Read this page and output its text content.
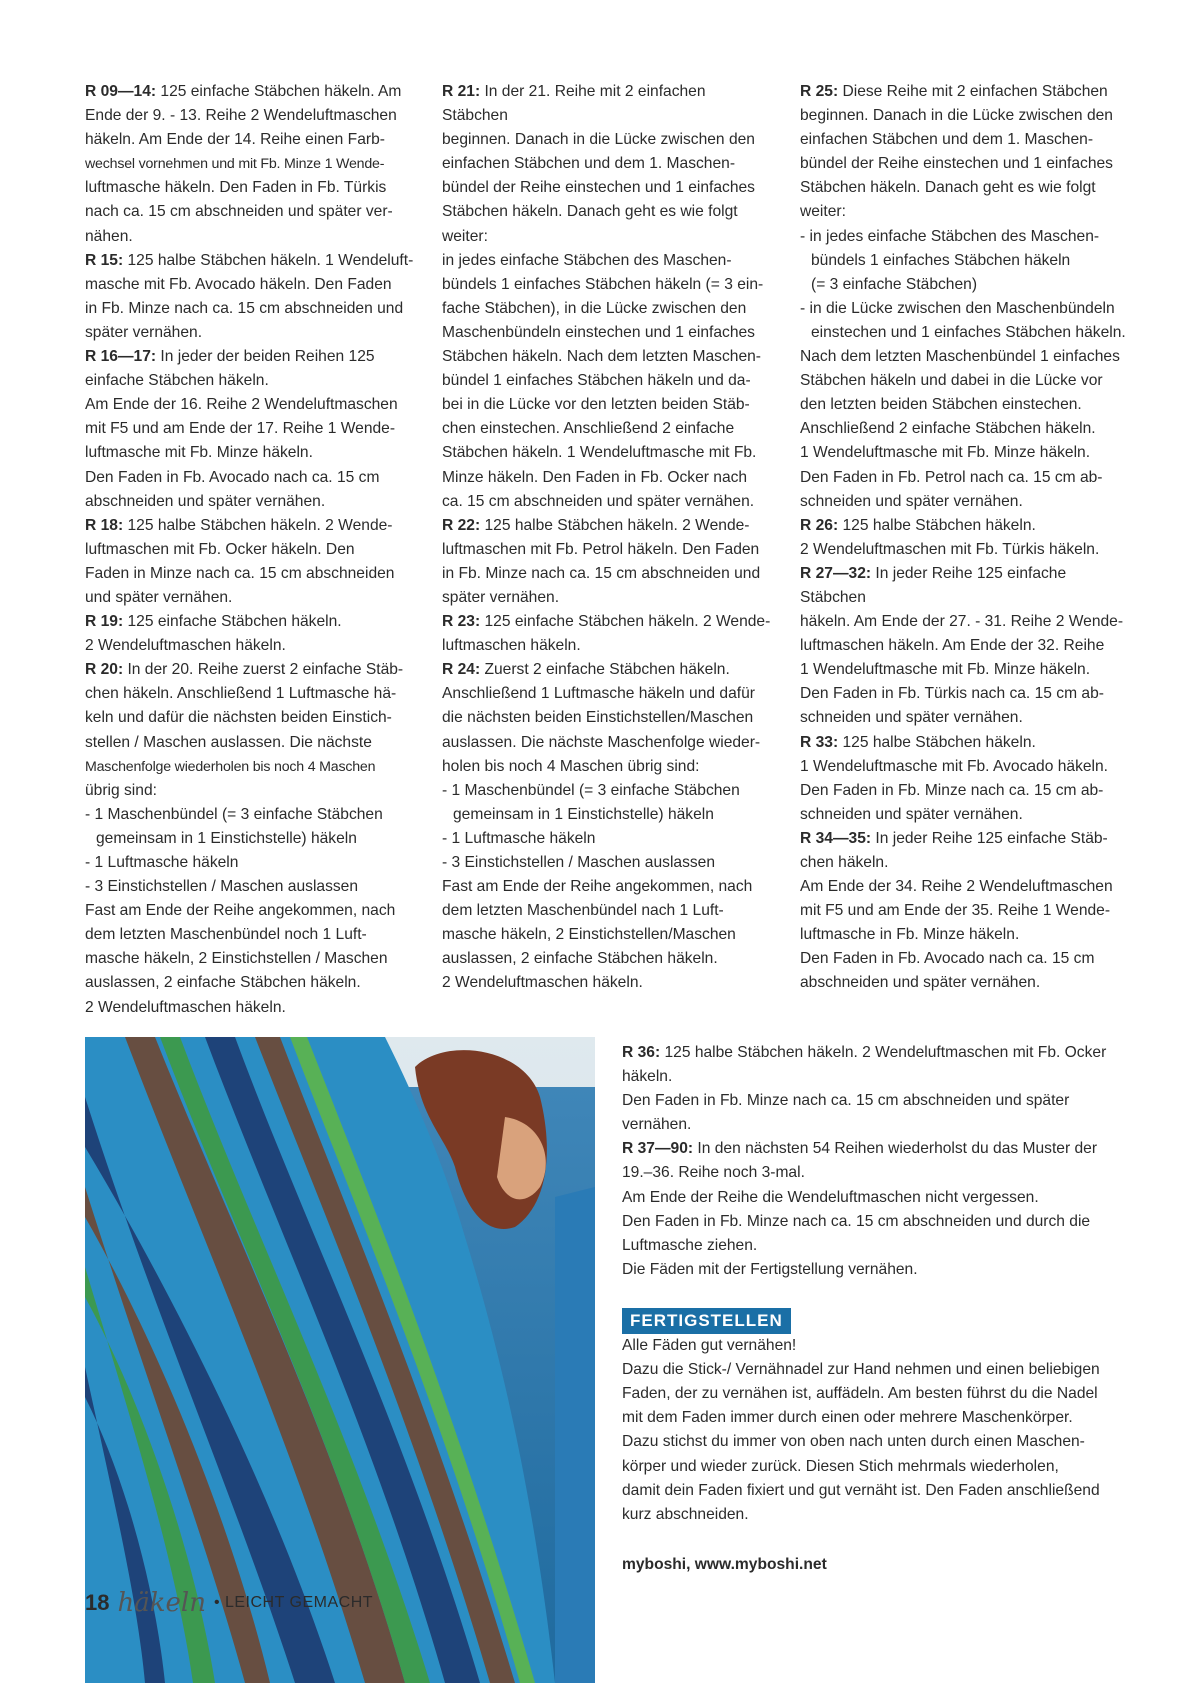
R 09—14: 125 einfache Stäbchen häkeln. Am

Ende der 9. - 13. Reihe 2 Wendeluftmaschen

häkeln. Am Ende der 14. Reihe einen Farb-

wechsel vornehmen und mit Fb. Minze 1 Wende-

luftmasche häkeln. Den Faden in Fb. Türkis

nach ca. 15 cm abschneiden und später ver-

nähen.

R 15: 125 halbe Stäbchen häkeln. 1 Wendeluft-

masche mit Fb. Avocado häkeln. Den Faden

in Fb. Minze nach ca. 15 cm abschneiden und

später vernähen.

R 16—17: In jeder der beiden Reihen 125

einfache Stäbchen häkeln.

Am Ende der 16. Reihe 2 Wendeluftmaschen

mit F5 und am Ende der 17. Reihe 1 Wende-

luftmasche mit Fb. Minze häkeln.

Den Faden in Fb. Avocado nach ca. 15 cm

abschneiden und später vernähen.

R 18: 125 halbe Stäbchen häkeln. 2 Wende-

luftmaschen mit Fb. Ocker häkeln. Den

Faden in Minze nach ca. 15 cm abschneiden

und später vernähen.

R 19: 125 einfache Stäbchen häkeln.

2 Wendeluftmaschen häkeln.

R 20: In der 20. Reihe zuerst 2 einfache Stäb-

chen häkeln. Anschließend 1 Luftmasche hä-

keln und dafür die nächsten beiden Einstich-

stellen / Maschen auslassen. Die nächste

Maschenfolge wiederholen bis noch 4 Maschen

übrig sind:

- 1 Maschenbündel (= 3 einfache Stäbchen

gemeinsam in 1 Einstichstelle) häkeln

- 1 Luftmasche häkeln

- 3 Einstichstellen / Maschen auslassen

Fast am Ende der Reihe angekommen, nach

dem letzten Maschenbündel noch 1 Luft-

masche häkeln, 2 Einstichstellen / Maschen

auslassen, 2 einfache Stäbchen häkeln.

2 Wendeluftmaschen häkeln.

R 21: In der 21. Reihe mit 2 einfachen Stäbchen

beginnen. Danach in die Lücke zwischen den

einfachen Stäbchen und dem 1. Maschen-

bündel der Reihe einstechen und 1 einfaches

Stäbchen häkeln. Danach geht es wie folgt

weiter:

in jedes einfache Stäbchen des Maschen-

bündels 1 einfaches Stäbchen häkeln (= 3 ein-

fache Stäbchen), in die Lücke zwischen den

Maschenbündeln einstechen und 1 einfaches

Stäbchen häkeln. Nach dem letzten Maschen-

bündel 1 einfaches Stäbchen häkeln und da-

bei in die Lücke vor den letzten beiden Stäb-

chen einstechen. Anschließend 2 einfache

Stäbchen häkeln. 1 Wendeluftmasche mit Fb.

Minze häkeln. Den Faden in Fb. Ocker nach

ca. 15 cm abschneiden und später vernähen.

R 22: 125 halbe Stäbchen häkeln. 2 Wende-

luftmaschen mit Fb. Petrol häkeln. Den Faden

in Fb. Minze nach ca. 15 cm abschneiden und

später vernähen.

R 23: 125 einfache Stäbchen häkeln. 2 Wende-

luftmaschen häkeln.

R 24: Zuerst 2 einfache Stäbchen häkeln.

Anschließend 1 Luftmasche häkeln und dafür

die nächsten beiden Einstichstellen/Maschen

auslassen. Die nächste Maschenfolge wieder-

holen bis noch 4 Maschen übrig sind:

- 1 Maschenbündel (= 3 einfache Stäbchen

gemeinsam in 1 Einstichstelle) häkeln

- 1 Luftmasche häkeln

- 3 Einstichstellen / Maschen auslassen

Fast am Ende der Reihe angekommen, nach

dem letzten Maschenbündel nach 1 Luft-

masche häkeln, 2 Einstichstellen/Maschen

auslassen, 2 einfache Stäbchen häkeln.

2 Wendeluftmaschen häkeln.

R 25: Diese Reihe mit 2 einfachen Stäbchen

beginnen. Danach in die Lücke zwischen den

einfachen Stäbchen und dem 1. Maschen-

bündel der Reihe einstechen und 1 einfaches

Stäbchen häkeln. Danach geht es wie folgt

weiter:

- in jedes einfache Stäbchen des Maschen-

bündels 1 einfaches Stäbchen häkeln

(= 3 einfache Stäbchen)

- in die Lücke zwischen den Maschenbündeln

einstechen und 1 einfaches Stäbchen häkeln.

Nach dem letzten Maschenbündel 1 einfaches

Stäbchen häkeln und dabei in die Lücke vor

den letzten beiden Stäbchen einstechen.

Anschließend 2 einfache Stäbchen häkeln.

1 Wendeluftmasche mit Fb. Minze häkeln.

Den Faden in Fb. Petrol nach ca. 15 cm ab-

schneiden und später vernähen.

R 26: 125 halbe Stäbchen häkeln.

2 Wendeluftmaschen mit Fb. Türkis häkeln.

R 27—32: In jeder Reihe 125 einfache Stäbchen

häkeln. Am Ende der 27. - 31. Reihe 2 Wende-

luftmaschen häkeln. Am Ende der 32. Reihe

1 Wendeluftmasche mit Fb. Minze häkeln.

Den Faden in Fb. Türkis nach ca. 15 cm ab-

schneiden und später vernähen.

R 33: 125 halbe Stäbchen häkeln.

1 Wendeluftmasche mit Fb. Avocado häkeln.

Den Faden in Fb. Minze nach ca. 15 cm ab-

schneiden und später vernähen.

R 34—35: In jeder Reihe 125 einfache Stäb-

chen häkeln.

Am Ende der 34. Reihe 2 Wendeluftmaschen

mit F5 und am Ende der 35. Reihe 1 Wende-

luftmasche in Fb. Minze häkeln.

Den Faden in Fb. Avocado nach ca. 15 cm

abschneiden und später vernähen.

R 36: 125 halbe Stäbchen häkeln. 2 Wendeluftmaschen mit Fb. Ocker

häkeln.

Den Faden in Fb. Minze nach ca. 15 cm abschneiden und später vernähen.

R 37—90: In den nächsten 54 Reihen wiederholst du das Muster der

19.–36. Reihe noch 3-mal.

Am Ende der Reihe die Wendeluftmaschen nicht vergessen.

Den Faden in Fb. Minze nach ca. 15 cm abschneiden und durch die

Luftmasche ziehen.

Die Fäden mit der Fertigstellung vernähen.

FERTIGSTELLEN

Alle Fäden gut vernähen!

Dazu die Stick-/ Vernähnadel zur Hand nehmen und einen beliebigen

Faden, der zu vernähen ist, auffädeln. Am besten führst du die Nadel

mit dem Faden immer durch einen oder mehrere Maschenkörper.

Dazu stichst du immer von oben nach unten durch einen Maschen-

körper und wieder zurück. Diesen Stich mehrmals wiederholen,

damit dein Faden fixiert und gut vernäht ist. Den Faden anschließend

kurz abschneiden.

myboshi, www.myboshi.net

18 häkeln • LEICHT GEMACHT
